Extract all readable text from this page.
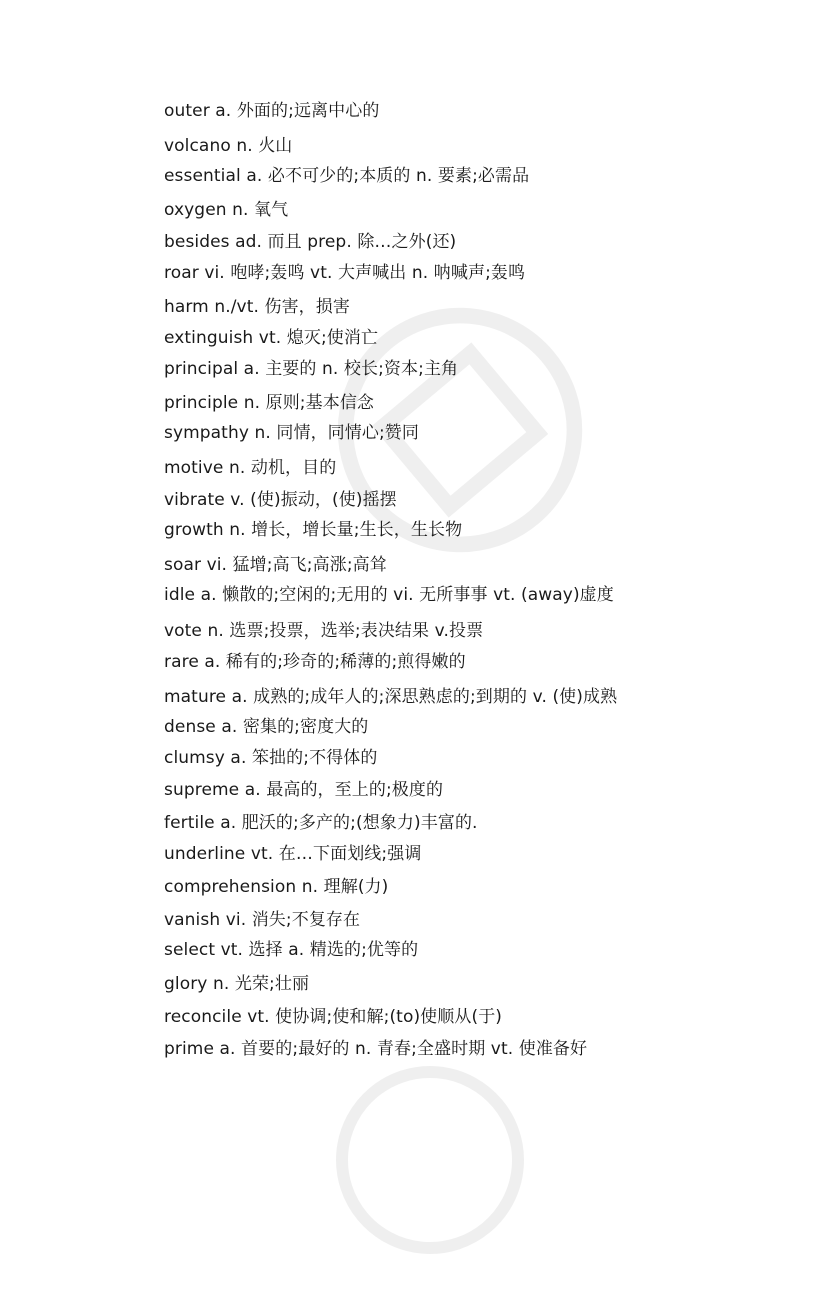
outer a. 外面的;远离中心的
volcano n. 火山
essential a. 必不可少的;本质的 n. 要素;必需品
oxygen n. 氧气
besides ad. 而且 prep. 除…之外(还)
roar vi. 咆哮;轰鸣 vt. 大声喊出 n. 呐喊声;轰鸣
harm n./vt. 伤害，损害
extinguish vt. 熄灭;使消亡
principal a. 主要的 n. 校长;资本;主角
principle n. 原则;基本信念
sympathy n. 同情，同情心;赞同
motive n. 动机，目的
vibrate v. (使)振动，(使)摇摆
growth n. 增长，增长量;生长，生长物
soar vi. 猛增;高飞;高涨;高耸
idle a. 懒散的;空闲的;无用的 vi. 无所事事 vt. (away)虚度
vote n. 选票;投票，选举;表决结果 v.投票
rare a. 稀有的;珍奇的;稀薄的;煎得嫩的
mature a. 成熟的;成年人的;深思熟虑的;到期的 v. (使)成熟
dense a. 密集的;密度大的
clumsy a. 笨拙的;不得体的
supreme a. 最高的，至上的;极度的
fertile a. 肥沃的;多产的;(想象力)丰富的.
underline vt. 在…下面划线;强调
comprehension n. 理解(力)
vanish vi. 消失;不复存在
select vt. 选择 a. 精选的;优等的
glory n. 光荣;壮丽
reconcile vt. 使协调;使和解;(to)使顺从(于)
prime a. 首要的;最好的 n. 青春;全盛时期 vt. 使准备好
